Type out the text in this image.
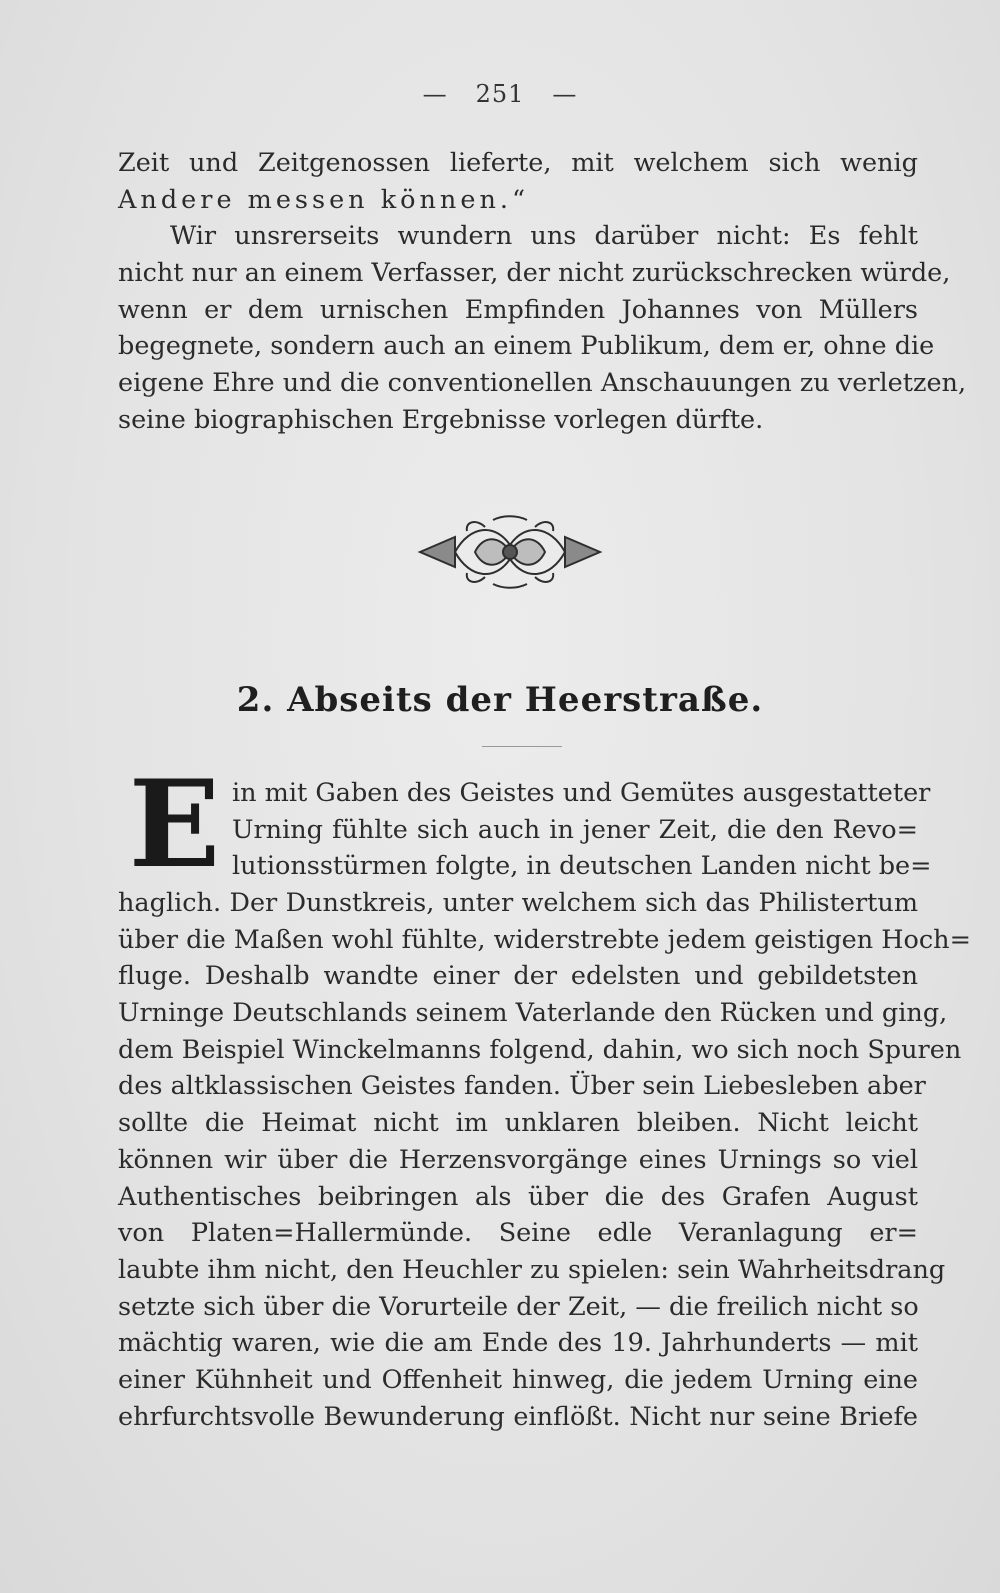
— 251 —
Zeit und Zeitgenossen lieferte, mit welchem sich wenig
Andere messen können.“
Wir unsrerseits wundern uns darüber nicht: Es fehlt
nicht nur an einem Verfasser, der nicht zurückschrecken würde,
wenn er dem urnischen Empfinden Johannes von Müllers
begegnete, sondern auch an einem Publikum, dem er, ohne die
eigene Ehre und die conventionellen Anschauungen zu verletzen,
seine biographischen Ergebnisse vorlegen dürfte.
2. Abseits der Heerstraße.
E in mit Gaben des Geistes und Gemütes ausgestatteter
Urning fühlte sich auch in jener Zeit, die den Revo=
lutionsstürmen folgte, in deutschen Landen nicht be=
haglich. Der Dunstkreis, unter welchem sich das Philistertum
über die Maßen wohl fühlte, widerstrebte jedem geistigen Hoch=
fluge. Deshalb wandte einer der edelsten und gebildetsten
Urninge Deutschlands seinem Vaterlande den Rücken und ging,
dem Beispiel Winckelmanns folgend, dahin, wo sich noch Spuren
des altklassischen Geistes fanden. Über sein Liebesleben aber
sollte die Heimat nicht im unklaren bleiben. Nicht leicht
können wir über die Herzensvorgänge eines Urnings so viel
Authentisches beibringen als über die des Grafen August
von Platen=Hallermünde. Seine edle Veranlagung er=
laubte ihm nicht, den Heuchler zu spielen: sein Wahrheitsdrang
setzte sich über die Vorurteile der Zeit, — die freilich nicht so
mächtig waren, wie die am Ende des 19. Jahrhunderts — mit
einer Kühnheit und Offenheit hinweg, die jedem Urning eine
ehrfurchtsvolle Bewunderung einflößt. Nicht nur seine Briefe
